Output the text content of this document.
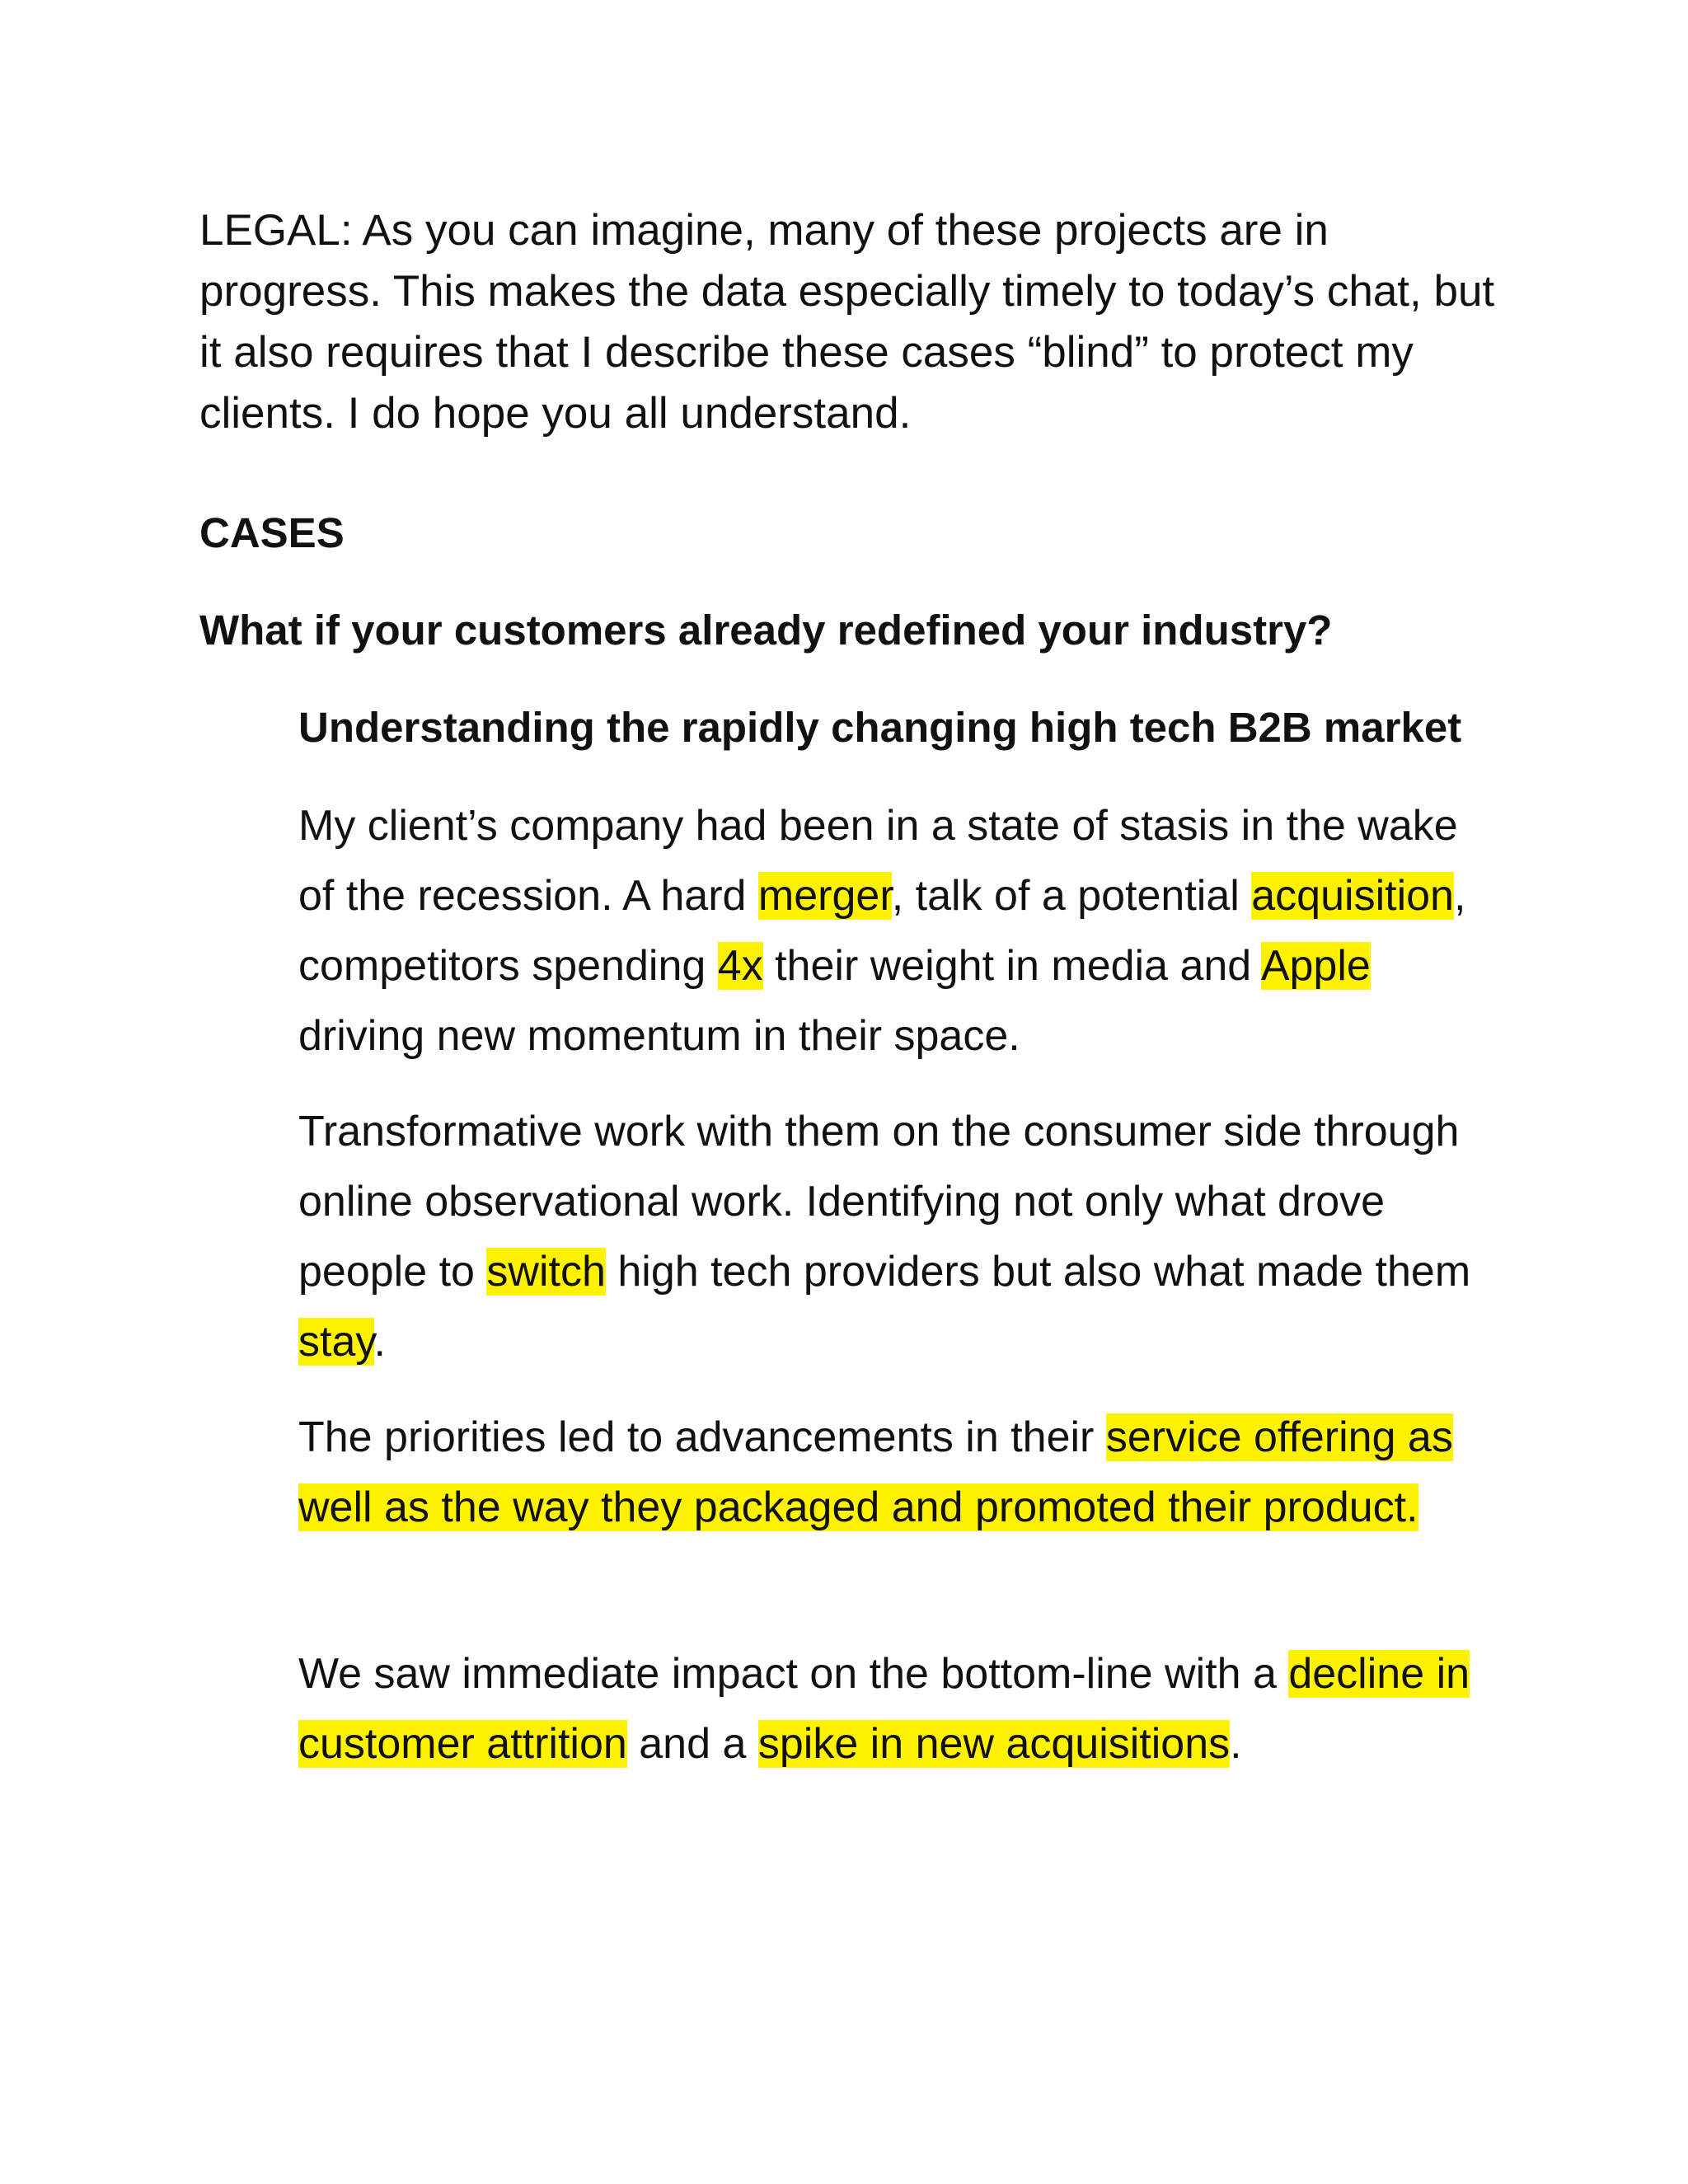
LEGAL: As you can imagine, many of these projects are in progress. This makes the data especially timely to today’s chat, but it also requires that I describe these cases “blind” to protect my clients. I do hope you all understand.

CASES

What if your customers already redefined your industry?

Understanding the rapidly changing high tech B2B market

My client’s company had been in a state of stasis in the wake of the recession. A hard merger, talk of a potential acquisition, competitors spending 4x their weight in media and Apple driving new momentum in their space.

Transformative work with them on the consumer side through online observational work. Identifying not only what drove people to switch high tech providers but also what made them stay.

The priorities led to advancements in their service offering as well as the way they packaged and promoted their product.

We saw immediate impact on the bottom-line with a decline in customer attrition and a spike in new acquisitions.
